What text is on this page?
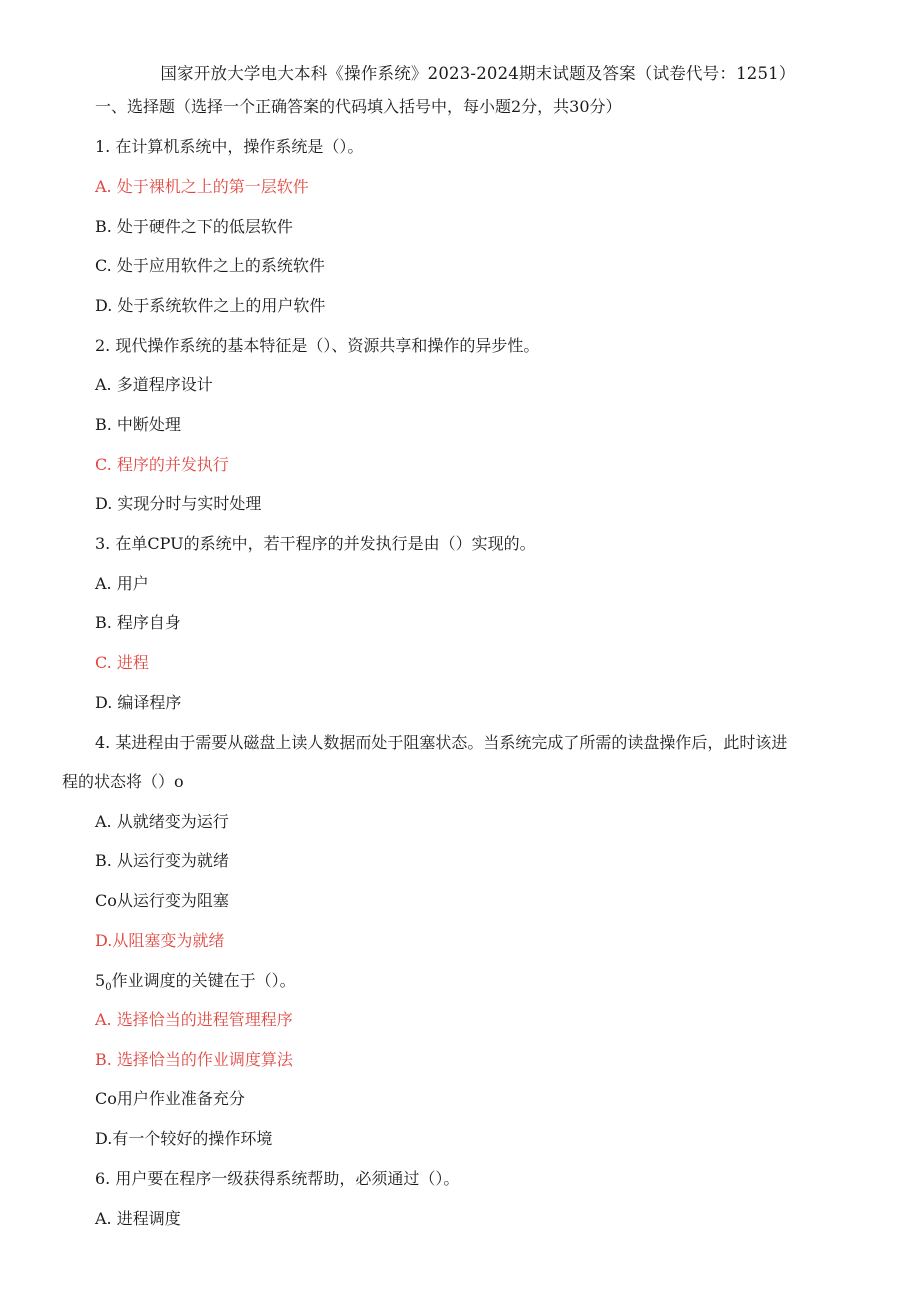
国家开放大学电大本科《操作系统》2023-2024期末试题及答案（试卷代号：1251）
一、选择题（选择一个正确答案的代码填入括号中，每小题2分，共30分）
1. 在计算机系统中，操作系统是（）。
A. 处于裸机之上的第一层软件
B. 处于硬件之下的低层软件
C. 处于应用软件之上的系统软件
D. 处于系统软件之上的用户软件
2. 现代操作系统的基本特征是（）、资源共享和操作的异步性。
A. 多道程序设计
B. 中断处理
C. 程序的并发执行
D. 实现分时与实时处理
3. 在单CPU的系统中，若干程序的并发执行是由（）实现的。
A. 用户
B. 程序自身
C. 进程
D. 编译程序
4. 某进程由于需要从磁盘上读人数据而处于阻塞状态。当系统完成了所需的读盘操作后，此时该进
程的状态将（）o
A. 从就绪变为运行
B. 从运行变为就绪
Co从运行变为阻塞
D.从阻塞变为就绪
$5_0$作业调度的关键在于（）。
A. 选择恰当的进程管理程序
B. 选择恰当的作业调度算法
Co用户作业准备充分
D.有一个较好的操作环境
6. 用户要在程序一级获得系统帮助，必须通过（）。
A. 进程调度
